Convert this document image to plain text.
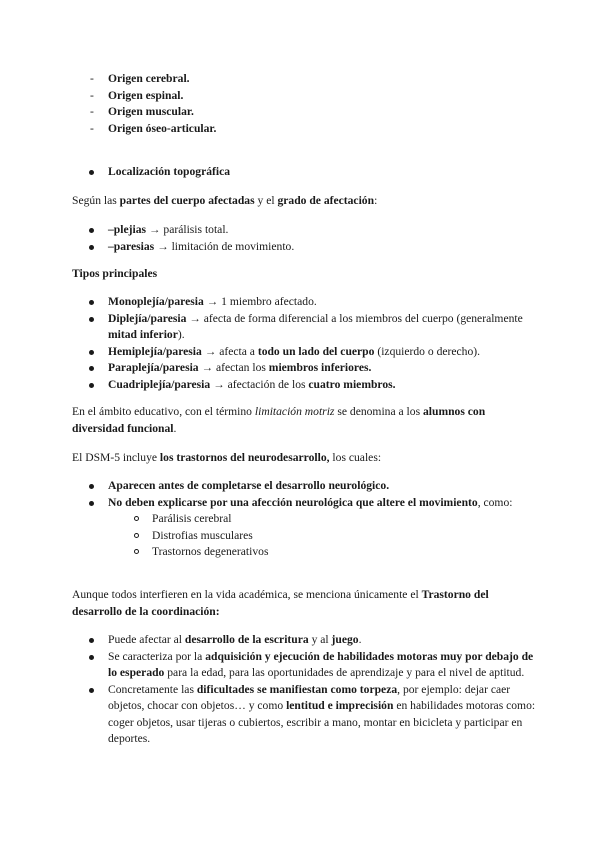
- Origen cerebral.
- Origen espinal.
- Origen muscular.
- Origen óseo-articular.
Localización topográfica
Según las partes del cuerpo afectadas y el grado de afectación:
–plejias → parálisis total.
–paresias → limitación de movimiento.
Tipos principales
Monoplejía/paresia → 1 miembro afectado.
Diplejía/paresia → afecta de forma diferencial a los miembros del cuerpo (generalmente mitad inferior).
Hemiplejía/paresia → afecta a todo un lado del cuerpo (izquierdo o derecho).
Paraplejía/paresia → afectan los miembros inferiores.
Cuadriplejía/paresia → afectación de los cuatro miembros.
En el ámbito educativo, con el término limitación motriz se denomina a los alumnos con diversidad funcional.
El DSM-5 incluye los trastornos del neurodesarrollo, los cuales:
Aparecen antes de completarse el desarrollo neurológico.
No deben explicarse por una afección neurológica que altere el movimiento, como:
Parálisis cerebral
Distrofias musculares
Trastornos degenerativos
Aunque todos interfieren en la vida académica, se menciona únicamente el Trastorno del desarrollo de la coordinación:
Puede afectar al desarrollo de la escritura y al juego.
Se caracteriza por la adquisición y ejecución de habilidades motoras muy por debajo de lo esperado para la edad, para las oportunidades de aprendizaje y para el nivel de aptitud.
Concretamente las dificultades se manifiestan como torpeza, por ejemplo: dejar caer objetos, chocar con objetos… y como lentitud e imprecisión en habilidades motoras como: coger objetos, usar tijeras o cubiertos, escribir a mano, montar en bicicleta y participar en deportes.
